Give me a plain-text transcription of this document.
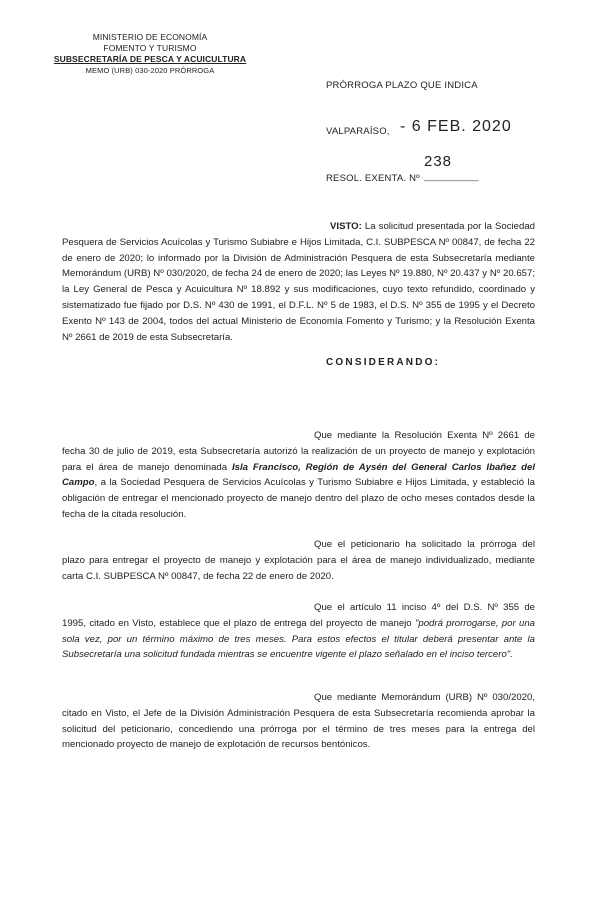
MINISTERIO DE ECONOMÍA
FOMENTO Y TURISMO
SUBSECRETARÍA DE PESCA Y ACUICULTURA
MEMO (URB) 030-2020 PRÓRROGA
PRÓRROGA PLAZO QUE INDICA
VALPARAÍSO, - 6 FEB. 2020
RESOL. EXENTA. Nº __________
238
VISTO: La solicitud presentada por la Sociedad Pesquera de Servicios Acuícolas y Turismo Subiabre e Hijos Limitada, C.I. SUBPESCA Nº 00847, de fecha 22 de enero de 2020; lo informado por la División de Administración Pesquera de esta Subsecretaría mediante Memorándum (URB) Nº 030/2020, de fecha 24 de enero de 2020; las Leyes Nº 19.880, Nº 20.437 y Nº 20.657; la Ley General de Pesca y Acuicultura Nº 18.892 y sus modificaciones, cuyo texto refundido, coordinado y sistematizado fue fijado por D.S. Nº 430 de 1991, el D.F.L. Nº 5 de 1983, el D.S. Nº 355 de 1995 y el Decreto Exento Nº 143 de 2004, todos del actual Ministerio de Economía Fomento y Turismo; y la Resolución Exenta Nº 2661 de 2019 de esta Subsecretaría.
CONSIDERANDO:
Que mediante la Resolución Exenta Nº 2661 de fecha 30 de julio de 2019, esta Subsecretaría autorizó la realización de un proyecto de manejo y explotación para el área de manejo denominada Isla Francisco, Región de Aysén del General Carlos Ibañez del Campo, a la Sociedad Pesquera de Servicios Acuícolas y Turismo Subiabre e Hijos Limitada, y estableció la obligación de entregar el mencionado proyecto de manejo dentro del plazo de ocho meses contados desde la fecha de la citada resolución.
Que el peticionario ha solicitado la prórroga del plazo para entregar el proyecto de manejo y explotación para el área de manejo individualizado, mediante carta C.I. SUBPESCA Nº 00847, de fecha 22 de enero de 2020.
Que el artículo 11 inciso 4º del D.S. Nº 355 de 1995, citado en Visto, establece que el plazo de entrega del proyecto de manejo "podrá prorrogarse, por una sola vez, por un término máximo de tres meses. Para estos efectos el titular deberá presentar ante la Subsecretaría una solicitud fundada mientras se encuentre vigente el plazo señalado en el inciso tercero".
Que mediante Memorándum (URB) Nº 030/2020, citado en Visto, el Jefe de la División Administración Pesquera de esta Subsecretaría recomienda aprobar la solicitud del peticionario, concediendo una prórroga por el término de tres meses para la entrega del mencionado proyecto de manejo de explotación de recursos bentónicos.
